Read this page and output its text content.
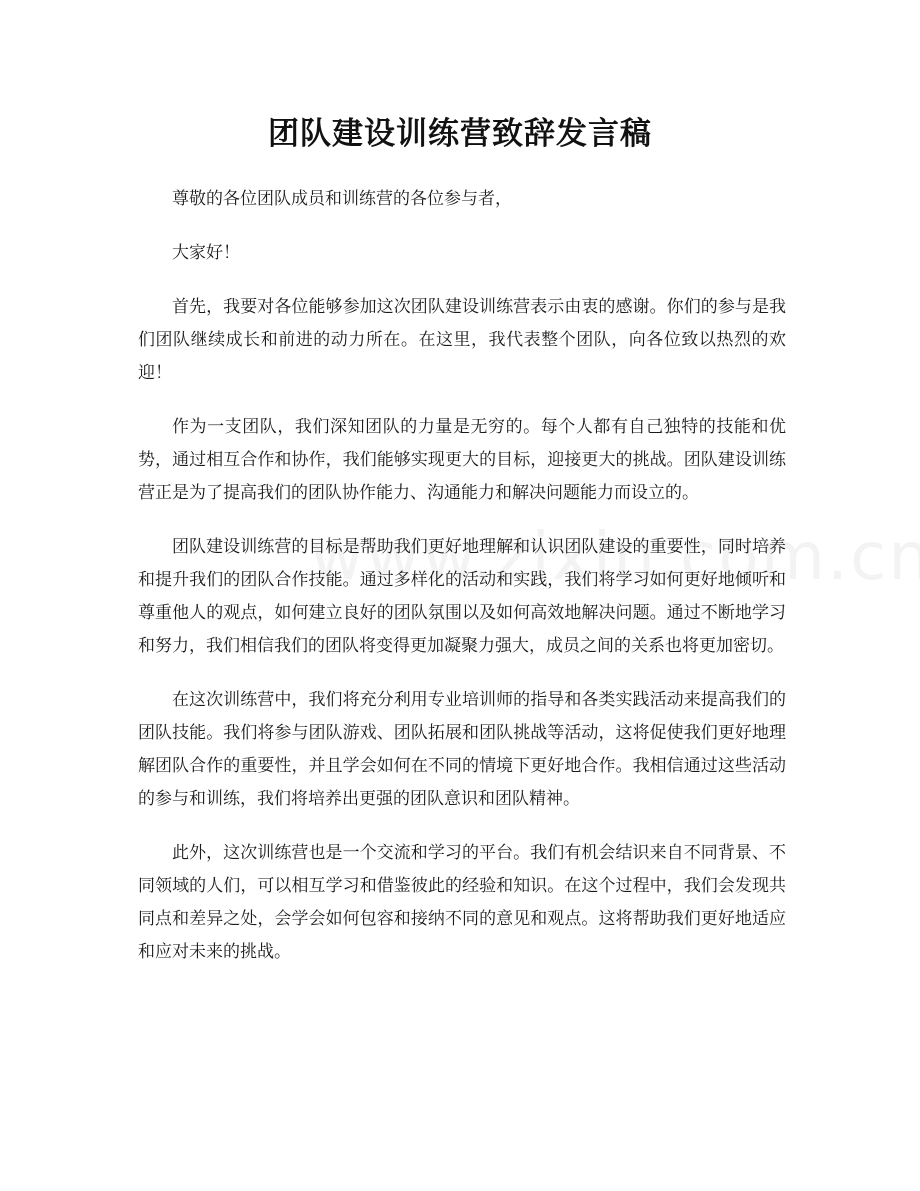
团队建设训练营致辞发言稿

尊敬的各位团队成员和训练营的各位参与者，

大家好！

首先，我要对各位能够参加这次团队建设训练营表示由衷的感谢。你们的参与是我们团队继续成长和前进的动力所在。在这里，我代表整个团队，向各位致以热烈的欢迎！

作为一支团队，我们深知团队的力量是无穷的。每个人都有自己独特的技能和优势，通过相互合作和协作，我们能够实现更大的目标，迎接更大的挑战。团队建设训练营正是为了提高我们的团队协作能力、沟通能力和解决问题能力而设立的。

团队建设训练营的目标是帮助我们更好地理解和认识团队建设的重要性，同时培养和提升我们的团队合作技能。通过多样化的活动和实践，我们将学习如何更好地倾听和尊重他人的观点，如何建立良好的团队氛围以及如何高效地解决问题。通过不断地学习和努力，我们相信我们的团队将变得更加凝聚力强大，成员之间的关系也将更加密切。

在这次训练营中，我们将充分利用专业培训师的指导和各类实践活动来提高我们的团队技能。我们将参与团队游戏、团队拓展和团队挑战等活动，这将促使我们更好地理解团队合作的重要性，并且学会如何在不同的情境下更好地合作。我相信通过这些活动的参与和训练，我们将培养出更强的团队意识和团队精神。

此外，这次训练营也是一个交流和学习的平台。我们有机会结识来自不同背景、不同领域的人们，可以相互学习和借鉴彼此的经验和知识。在这个过程中，我们会发现共同点和差异之处，会学会如何包容和接纳不同的意见和观点。这将帮助我们更好地适应和应对未来的挑战。
